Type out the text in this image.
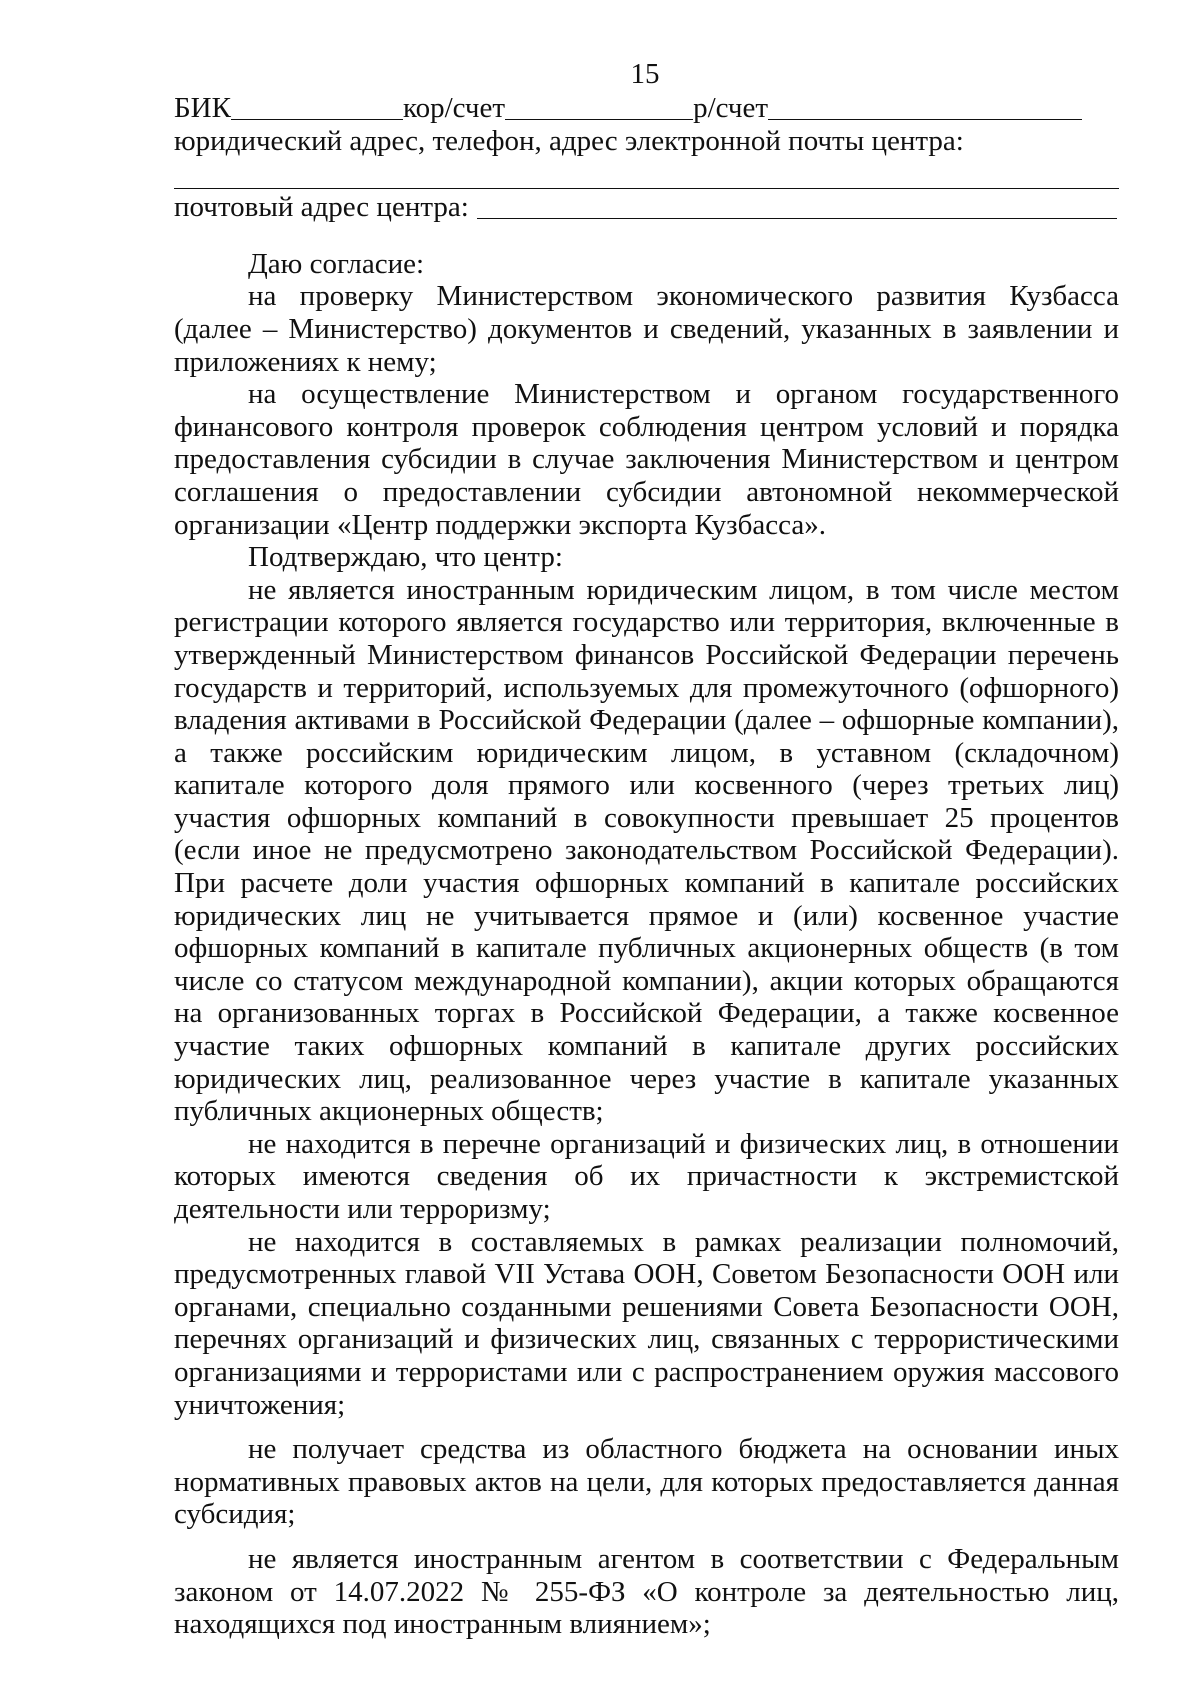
15
БИК	кор/счет	р/счет
юридический адрес, телефон, адрес электронной почты центра:
почтовый адрес центра:

Даю согласие:

на проверку Министерством экономического развития Кузбасса (далее – Министерство) документов и сведений, указанных в заявлении и приложениях к нему;

на осуществление Министерством и органом государственного финансового контроля проверок соблюдения центром условий и порядка предоставления субсидии в случае заключения Министерством и центром соглашения о предоставлении субсидии автономной некоммерческой организации «Центр поддержки экспорта Кузбасса».

Подтверждаю, что центр:

не является иностранным юридическим лицом, в том числе местом регистрации которого является государство или территория, включенные в утвержденный Министерством финансов Российской Федерации перечень государств и территорий, используемых для промежуточного (офшорного) владения активами в Российской Федерации (далее – офшорные компании), а также российским юридическим лицом, в уставном (складочном) капитале которого доля прямого или косвенного (через третьих лиц) участия офшорных компаний в совокупности превышает 25 процентов (если иное не предусмотрено законодательством Российской Федерации). При расчете доли участия офшорных компаний в капитале российских юридических лиц не учитывается прямое и (или) косвенное участие офшорных компаний в капитале публичных акционерных обществ (в том числе со статусом международной компании), акции которых обращаются на организованных торгах в Российской Федерации, а также косвенное участие таких офшорных компаний в капитале других российских юридических лиц, реализованное через участие в капитале указанных публичных акционерных обществ;

не находится в перечне организаций и физических лиц, в отношении которых имеются сведения об их причастности к экстремистской деятельности или терроризму;

не находится в составляемых в рамках реализации полномочий, предусмотренных главой VII Устава ООН, Советом Безопасности ООН или органами, специально созданными решениями Совета Безопасности ООН, перечнях организаций и физических лиц, связанных с террористическими организациями и террористами или с распространением оружия массового уничтожения;

не получает средства из областного бюджета на основании иных нормативных правовых актов на цели, для которых предоставляется данная субсидия;

не является иностранным агентом в соответствии с Федеральным законом от 14.07.2022 № 255-ФЗ «О контроле за деятельностью лиц, находящихся под иностранным влиянием»;
